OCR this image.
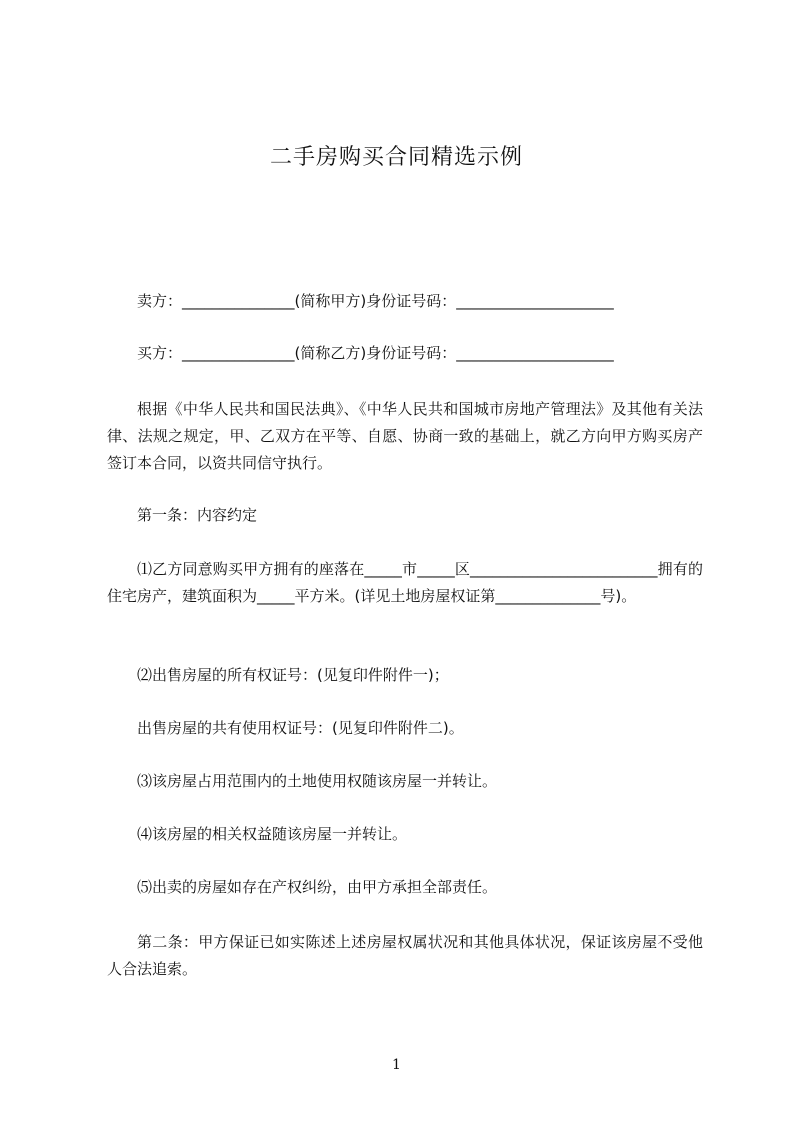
二手房购买合同精选示例
卖方：_______________(简称甲方)身份证号码：_____________________
买方：_______________(简称乙方)身份证号码：_____________________
根据《中华人民共和国民法典》、《中华人民共和国城市房地产管理法》及其他有关法律、法规之规定，甲、乙双方在平等、自愿、协商一致的基础上，就乙方向甲方购买房产签订本合同，以资共同信守执行。
第一条：内容约定
⑴乙方同意购买甲方拥有的座落在_____市_____区_________________________拥有的住宅房产，建筑面积为_____平方米。(详见土地房屋权证第______________号)。
⑵出售房屋的所有权证号：(见复印件附件一)；
出售房屋的共有使用权证号：(见复印件附件二)。
⑶该房屋占用范围内的土地使用权随该房屋一并转让。
⑷该房屋的相关权益随该房屋一并转让。
⑸出卖的房屋如存在产权纠纷，由甲方承担全部责任。
第二条：甲方保证已如实陈述上述房屋权属状况和其他具体状况，保证该房屋不受他人合法追索。
1
